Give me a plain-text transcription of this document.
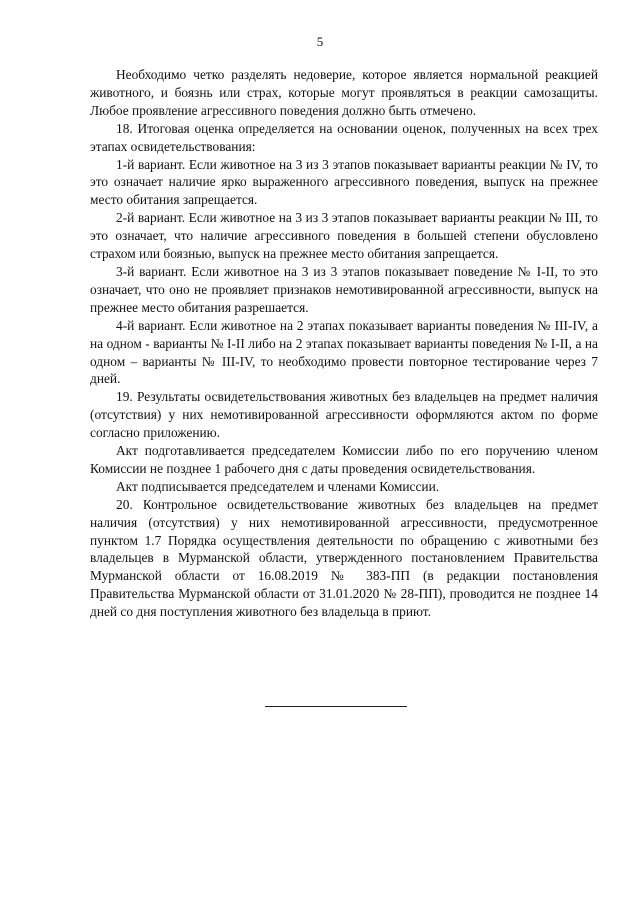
5

Необходимо четко разделять недоверие, которое является нормальной реакцией животного, и боязнь или страх, которые могут проявляться в реакции самозащиты. Любое проявление агрессивного поведения должно быть отмечено.

18. Итоговая оценка определяется на основании оценок, полученных на всех трех этапах освидетельствования:

1-й вариант. Если животное на 3 из 3 этапов показывает варианты реакции № IV, то это означает наличие ярко выраженного агрессивного поведения, выпуск на прежнее место обитания запрещается.

2-й вариант. Если животное на 3 из 3 этапов показывает варианты реакции № III, то это означает, что наличие агрессивного поведения в большей степени обусловлено страхом или боязнью, выпуск на прежнее место обитания запрещается.

3-й вариант. Если животное на 3 из 3 этапов показывает поведение № I-II, то это означает, что оно не проявляет признаков немотивированной агрессивности, выпуск на прежнее место обитания разрешается.

4-й вариант. Если животное на 2 этапах показывает варианты поведения № III-IV, а на одном - варианты № I-II либо на 2 этапах показывает варианты поведения № I-II, а на одном – варианты № III-IV, то необходимо провести повторное тестирование через 7 дней.

19. Результаты освидетельствования животных без владельцев на предмет наличия (отсутствия) у них немотивированной агрессивности оформляются актом по форме согласно приложению.

Акт подготавливается председателем Комиссии либо по его поручению членом Комиссии не позднее 1 рабочего дня с даты проведения освидетельствования.

Акт подписывается председателем и членами Комиссии.

20. Контрольное освидетельствование животных без владельцев на предмет наличия (отсутствия) у них немотивированной агрессивности, предусмотренное пунктом 1.7 Порядка осуществления деятельности по обращению с животными без владельцев в Мурманской области, утвержденного постановлением Правительства Мурманской области от 16.08.2019 № 383-ПП (в редакции постановления Правительства Мурманской области от 31.01.2020 № 28-ПП), проводится не позднее 14 дней со дня поступления животного без владельца в приют.
